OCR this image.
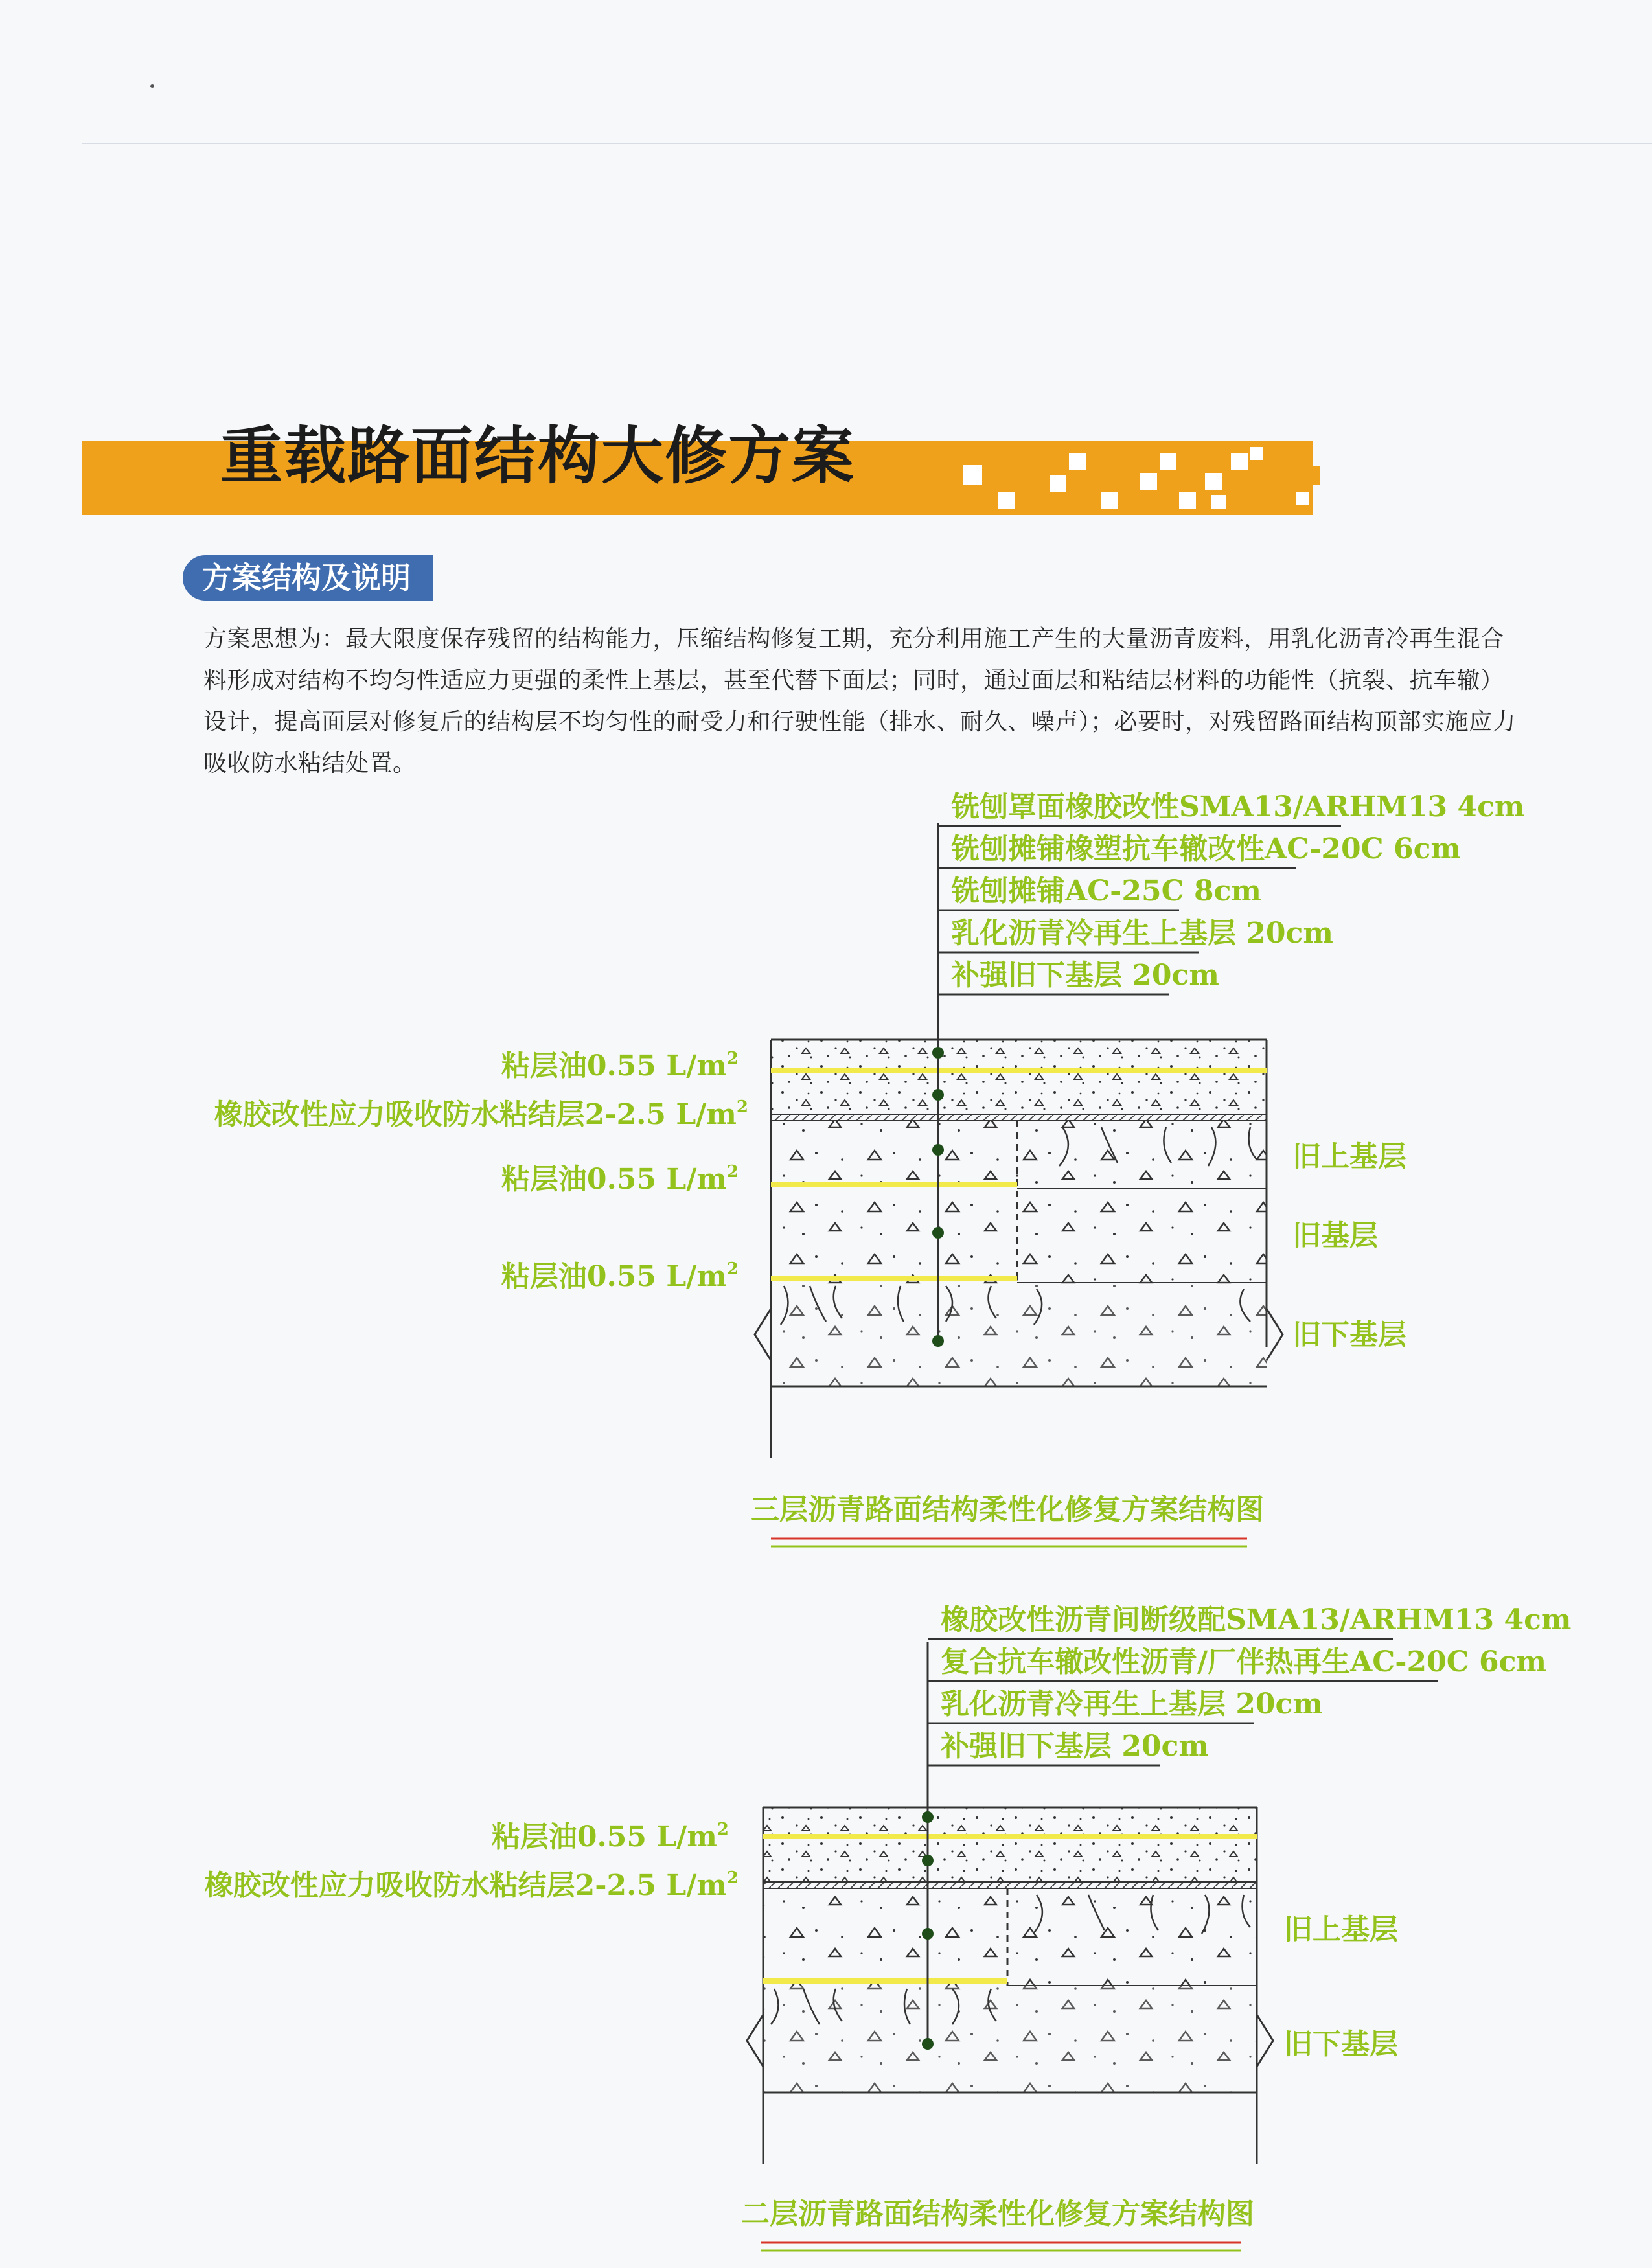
重载路面结构大修方案
方案结构及说明
方案思想为：最大限度保存残留的结构能力，压缩结构修复工期，充分利用施工产生的大量沥青废料，用乳化沥青冷再生混合料形成对结构不均匀性适应力更强的柔性上基层，甚至代替下面层；同时，通过面层和粘结层材料的功能性（抗裂、抗车辙）设计，提高面层对修复后的结构层不均匀性的耐受力和行驶性能（排水、耐久、噪声）；必要时，对残留路面结构顶部实施应力吸收防水粘结处置。
铣刨罩面橡胶改性SMA13/ARHM13 4cm
铣刨摊铺橡塑抗车辙改性AC-20C 6cm
铣刨摊铺AC-25C 8cm
乳化沥青冷再生上基层 20cm
补强旧下基层 20cm
粘层油0.55 $L/m^2$
橡胶改性应力吸收防水粘结层2-2.5 $L/m^2$
粘层油0.55 $L/m^2$
粘层油0.55 $L/m^2$
旧上基层
旧基层
旧下基层
三层沥青路面结构柔性化修复方案结构图
橡胶改性沥青间断级配SMA13/ARHM13 4cm
复合抗车辙改性沥青/厂伴热再生AC-20C 6cm
乳化沥青冷再生上基层 20cm
补强旧下基层 20cm
粘层油0.55 $L/m^2$
橡胶改性应力吸收防水粘结层2-2.5 $L/m^2$
旧上基层
旧下基层
二层沥青路面结构柔性化修复方案结构图
